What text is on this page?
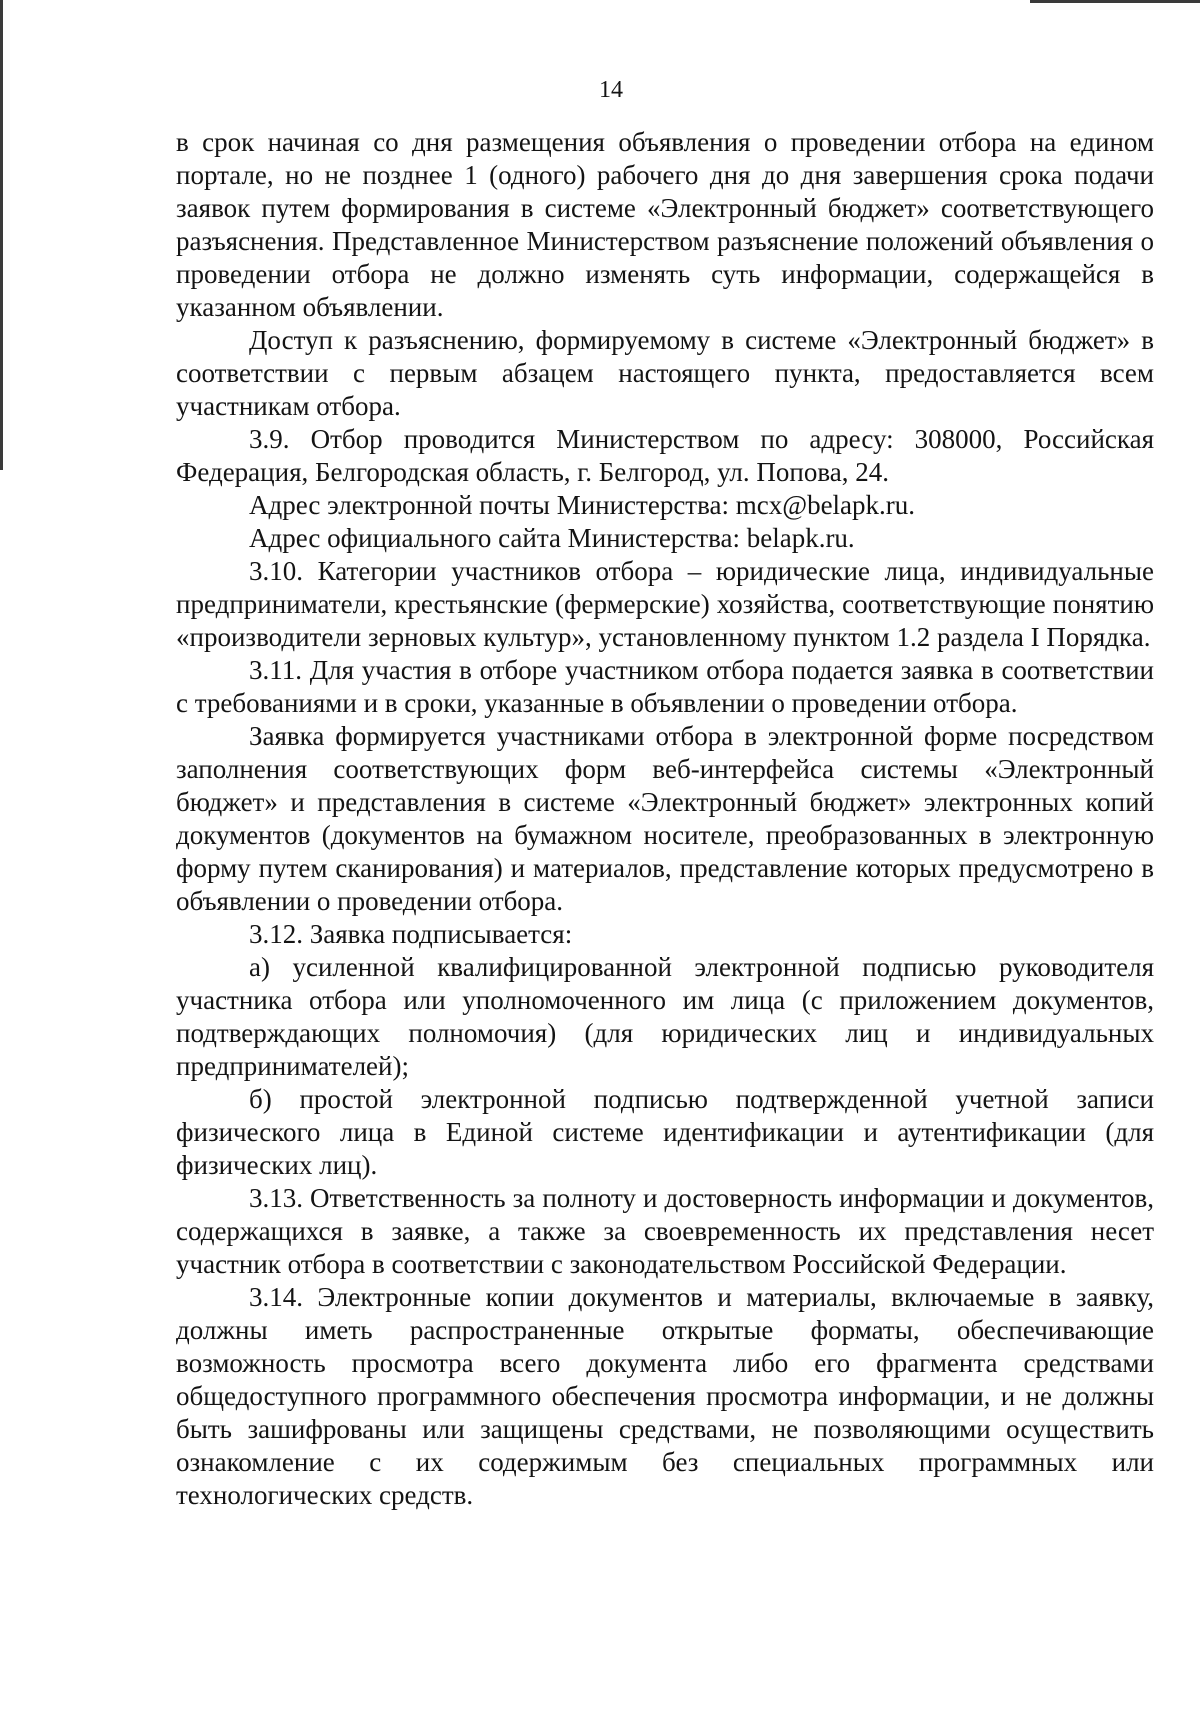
14

в срок начиная со дня размещения объявления о проведении отбора на едином портале, но не позднее 1 (одного) рабочего дня до дня завершения срока подачи заявок путем формирования в системе «Электронный бюджет» соответствующего разъяснения. Представленное Министерством разъяснение положений объявления о проведении отбора не должно изменять суть информации, содержащейся в указанном объявлении.

Доступ к разъяснению, формируемому в системе «Электронный бюджет» в соответствии с первым абзацем настоящего пункта, предоставляется всем участникам отбора.

3.9. Отбор проводится Министерством по адресу: 308000, Российская Федерация, Белгородская область, г. Белгород, ул. Попова, 24.

Адрес электронной почты Министерства: mcx@belapk.ru.

Адрес официального сайта Министерства: belapk.ru.

3.10. Категории участников отбора – юридические лица, индивидуальные предприниматели, крестьянские (фермерские) хозяйства, соответствующие понятию «производители зерновых культур», установленному пунктом 1.2 раздела I Порядка.

3.11. Для участия в отборе участником отбора подается заявка в соответствии с требованиями и в сроки, указанные в объявлении о проведении отбора.

Заявка формируется участниками отбора в электронной форме посредством заполнения соответствующих форм веб-интерфейса системы «Электронный бюджет» и представления в системе «Электронный бюджет» электронных копий документов (документов на бумажном носителе, преобразованных в электронную форму путем сканирования) и материалов, представление которых предусмотрено в объявлении о проведении отбора.

3.12. Заявка подписывается:

а) усиленной квалифицированной электронной подписью руководителя участника отбора или уполномоченного им лица (с приложением документов, подтверждающих полномочия) (для юридических лиц и индивидуальных предпринимателей);

б) простой электронной подписью подтвержденной учетной записи физического лица в Единой системе идентификации и аутентификации (для физических лиц).

3.13. Ответственность за полноту и достоверность информации и документов, содержащихся в заявке, а также за своевременность их представления несет участник отбора в соответствии с законодательством Российской Федерации.

3.14. Электронные копии документов и материалы, включаемые в заявку, должны иметь распространенные открытые форматы, обеспечивающие возможность просмотра всего документа либо его фрагмента средствами общедоступного программного обеспечения просмотра информации, и не должны быть зашифрованы или защищены средствами, не позволяющими осуществить ознакомление с их содержимым без специальных программных или технологических средств.
